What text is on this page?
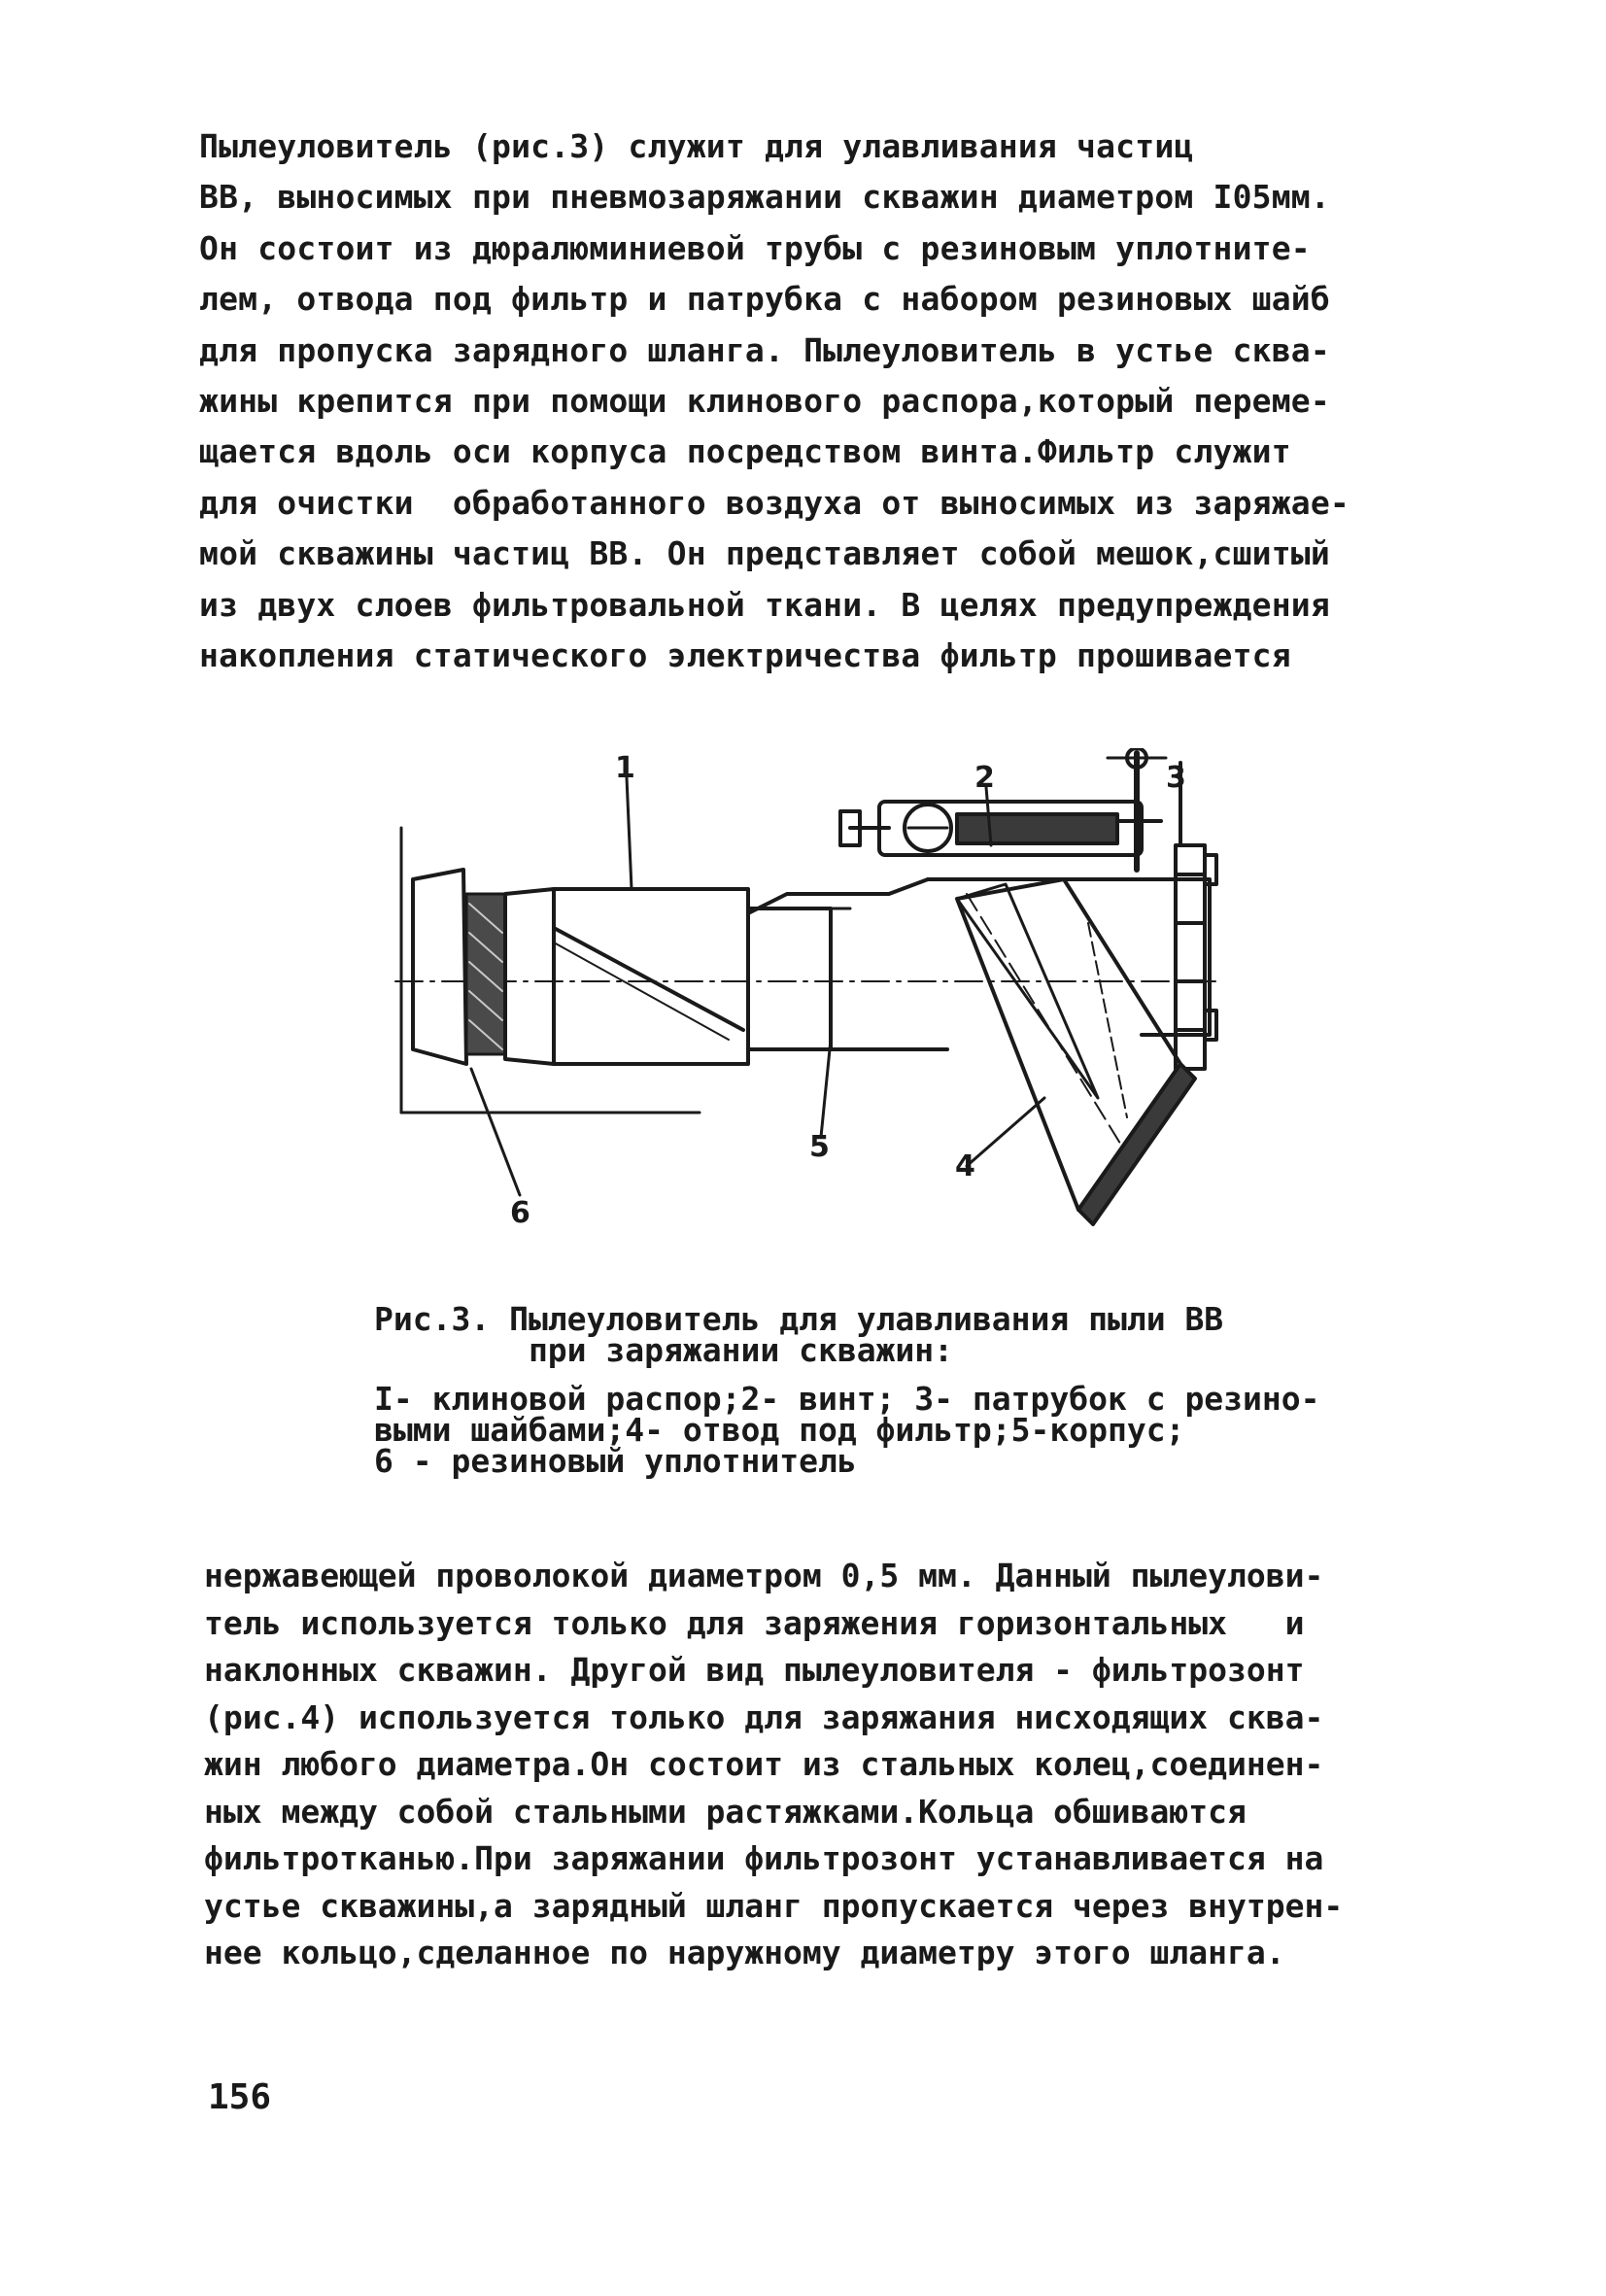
Пылеуловитель (рис.3) служит для улавливания частиц
ВВ, выносимых при пневмозаряжании скважин диаметром I05мм.
Он состоит из дюралюминиевой трубы с резиновым уплотните-
лем, отвода под фильтр и патрубка с набором резиновых шайб
для пропуска зарядного шланга. Пылеуловитель в устье сква-
жины крепится при помощи клинового распора,который переме-
щается вдоль оси корпуса посредством винта.Фильтр служит
для очистки  обработанного воздуха от выносимых из заряжае-
мой скважины частиц ВВ. Он представляет собой мешок,сшитый
из двух слоев фильтровальной ткани. В целях предупреждения
накопления статического электричества фильтр прошивается
1	2	3
4
5
6
Рис.3. Пылеуловитель для улавливания пыли ВВ
при заряжании скважин:
I- клиновой распор;2- винт; 3- патрубок с резино-
выми шайбами;4- отвод под фильтр;5-корпус;
6 - резиновый уплотнитель
нержавеющей проволокой диаметром 0,5 мм. Данный пылеулови-
тель используется только для заряжения горизонтальных   и
наклонных скважин. Другой вид пылеуловителя - фильтрозонт
(рис.4) используется только для заряжания нисходящих сква-
жин любого диаметра.Он состоит из стальных колец,соединен-
ных между собой стальными растяжками.Кольца обшиваются
фильтротканью.При заряжании фильтрозонт устанавливается на
устье скважины,а зарядный шланг пропускается через внутрен-
нее кольцо,сделанное по наружному диаметру этого шланга.
156
